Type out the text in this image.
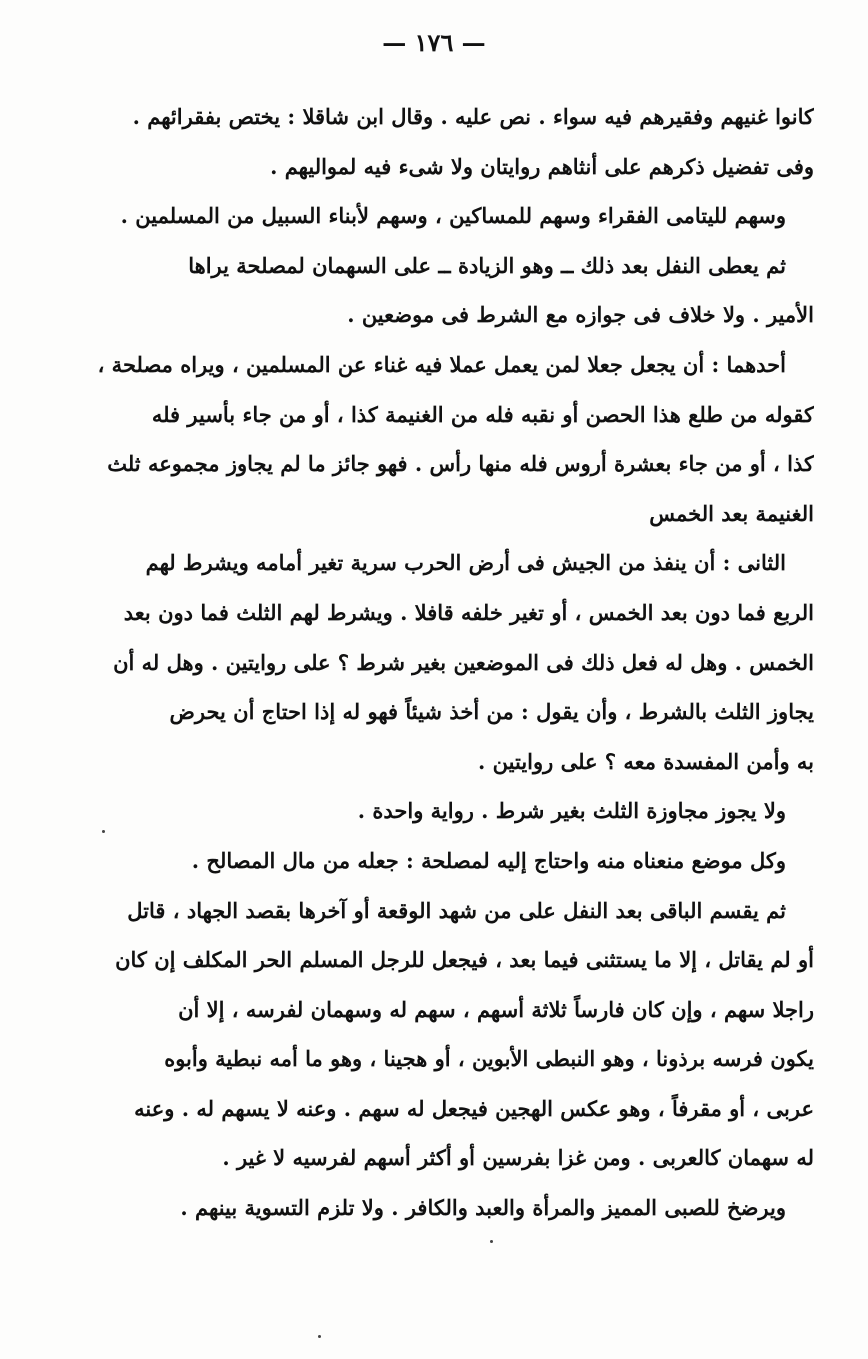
— ١٧٦ —
كانوا غنيهم وفقيرهم فيه سواء . نص عليه . وقال ابن شاقلا : يختص بفقرائهم .
وفى تفضيل ذكرهم على أنثاهم روايتان ولا شىء فيه لمواليهم .
وسهم لليتامى الفقراء وسهم للمساكين ، وسهم لأبناء السبيل من المسلمين .
ثم يعطى النفل بعد ذلك ــ وهو الزيادة ــ على السهمان لمصلحة يراها
الأمير . ولا خلاف فى جوازه مع الشرط فى موضعين .
أحدهما : أن يجعل جعلا لمن يعمل عملا فيه غناء عن المسلمين ، ويراه مصلحة ،
كقوله من طلع هذا الحصن أو نقبه فله من الغنيمة كذا ، أو من جاء بأسير فله
كذا ، أو من جاء بعشرة أروس فله منها رأس . فهو جائز ما لم يجاوز مجموعه ثلث
الغنيمة بعد الخمس
الثانى : أن ينفذ من الجيش فى أرض الحرب سرية تغير أمامه ويشرط لهم
الربع فما دون بعد الخمس ، أو تغير خلفه قافلا . ويشرط لهم الثلث فما دون بعد
الخمس . وهل له فعل ذلك فى الموضعين بغير شرط ؟ على روايتين . وهل له أن
يجاوز الثلث بالشرط ، وأن يقول : من أخذ شيئاً فهو له إذا احتاج أن يحرض
به وأمن المفسدة معه ؟ على روايتين .
ولا يجوز مجاوزة الثلث بغير شرط . رواية واحدة .
وكل موضع منعناه منه واحتاج إليه لمصلحة : جعله من مال المصالح .
ثم يقسم الباقى بعد النفل على من شهد الوقعة أو آخرها بقصد الجهاد ، قاتل
أو لم يقاتل ، إلا ما يستثنى فيما بعد ، فيجعل للرجل المسلم الحر المكلف إن كان
راجلا سهم ، وإن كان فارساً ثلاثة أسهم ، سهم له وسهمان لفرسه ، إلا أن
يكون فرسه برذونا ، وهو النبطى الأبوين ، أو هجينا ، وهو ما أمه نبطية وأبوه
عربى ، أو مقرفاً ، وهو عكس الهجين فيجعل له سهم . وعنه لا يسهم له . وعنه
له سهمان كالعربى . ومن غزا بفرسين أو أكثر أسهم لفرسيه لا غير .
ويرضخ للصبى المميز والمرأة والعبد والكافر . ولا تلزم التسوية بينهم .
